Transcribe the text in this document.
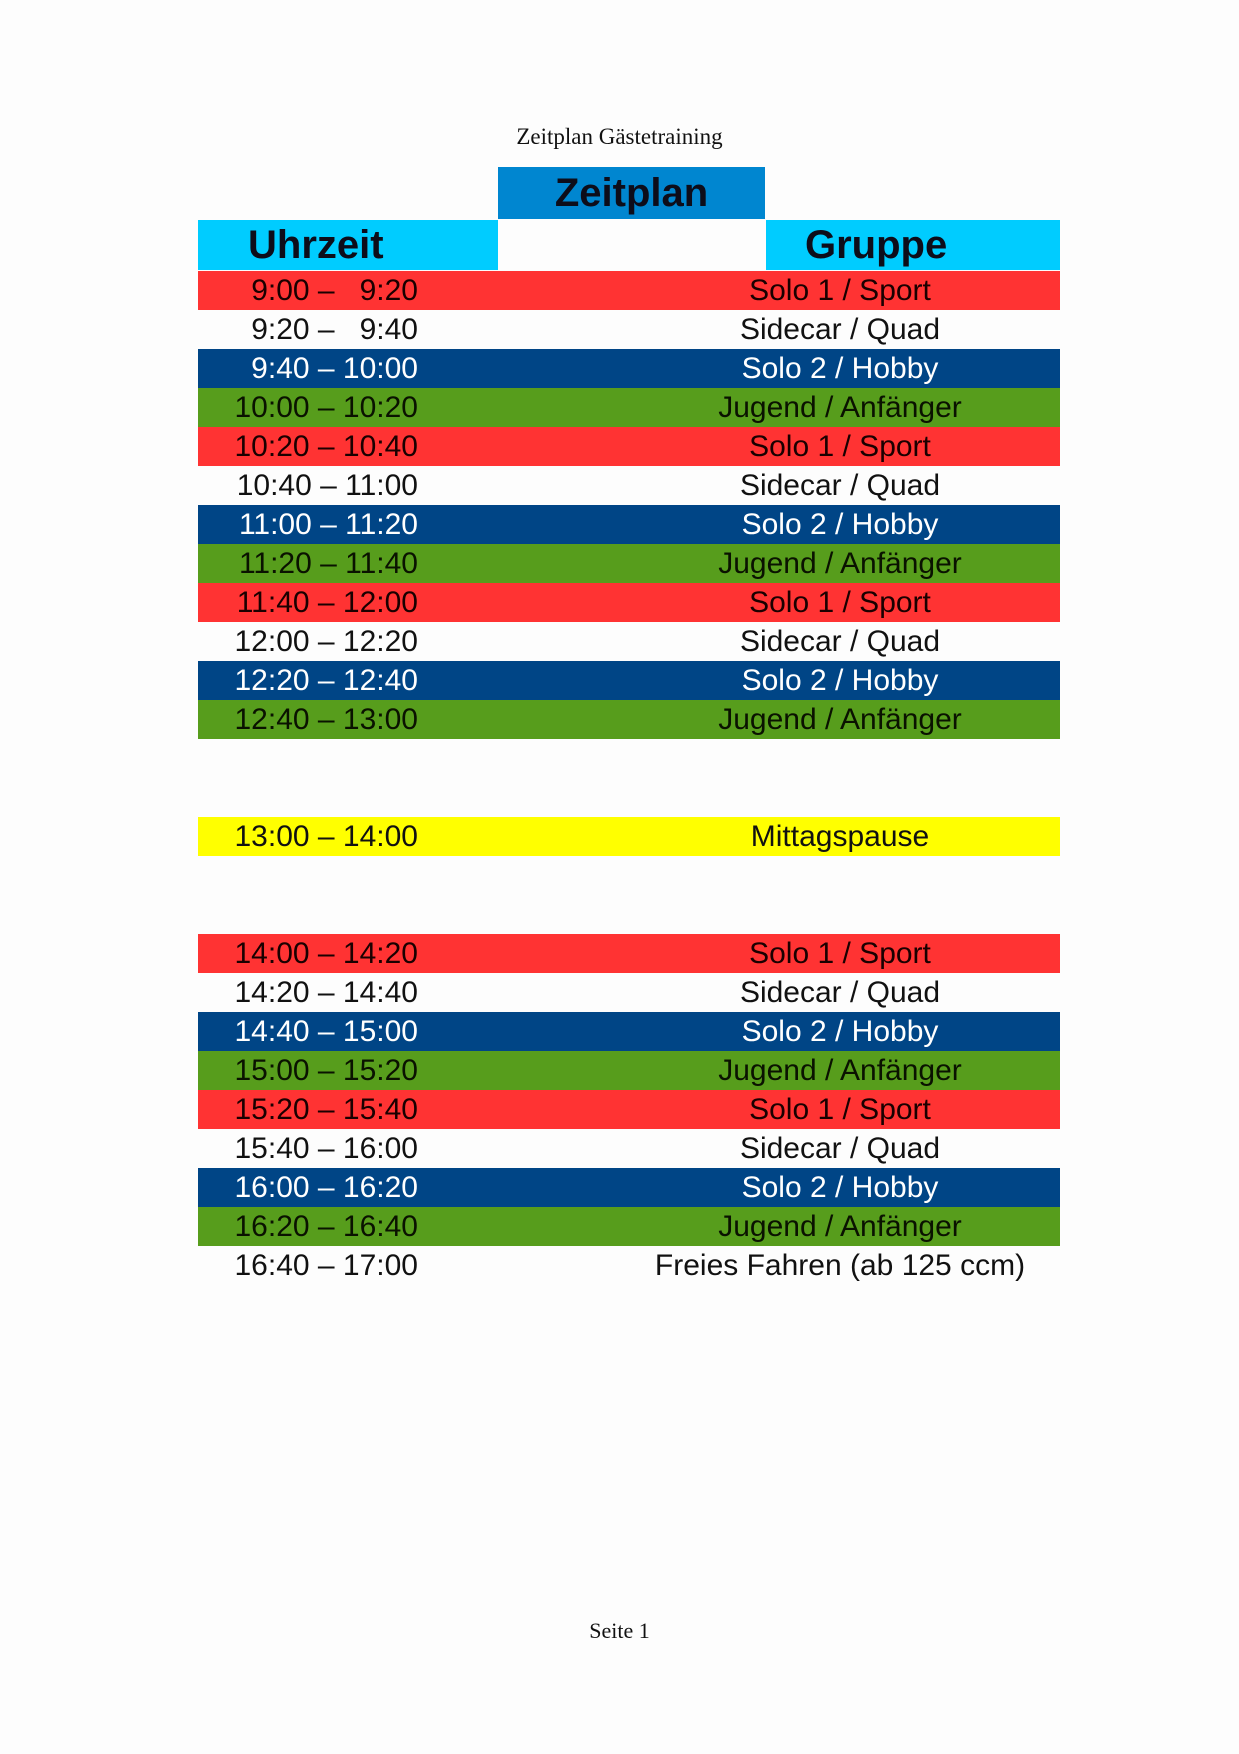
Zeitplan Gästetraining
Zeitplan
Uhrzeit	Gruppe
9:00 –   9:20	Solo 1 / Sport
9:20 –   9:40	Sidecar / Quad
9:40 – 10:00	Solo 2 / Hobby
10:00 – 10:20	Jugend / Anfänger
10:20 – 10:40	Solo 1 / Sport
10:40 – 11:00	Sidecar / Quad
11:00 – 11:20	Solo 2 / Hobby
11:20 – 11:40	Jugend / Anfänger
11:40 – 12:00	Solo 1 / Sport
12:00 – 12:20	Sidecar / Quad
12:20 – 12:40	Solo 2 / Hobby
12:40 – 13:00	Jugend / Anfänger
13:00 – 14:00	Mittagspause
14:00 – 14:20	Solo 1 / Sport
14:20 – 14:40	Sidecar / Quad
14:40 – 15:00	Solo 2 / Hobby
15:00 – 15:20	Jugend / Anfänger
15:20 – 15:40	Solo 1 / Sport
15:40 – 16:00	Sidecar / Quad
16:00 – 16:20	Solo 2 / Hobby
16:20 – 16:40	Jugend / Anfänger
16:40 – 17:00	Freies Fahren (ab 125 ccm)
Seite 1
